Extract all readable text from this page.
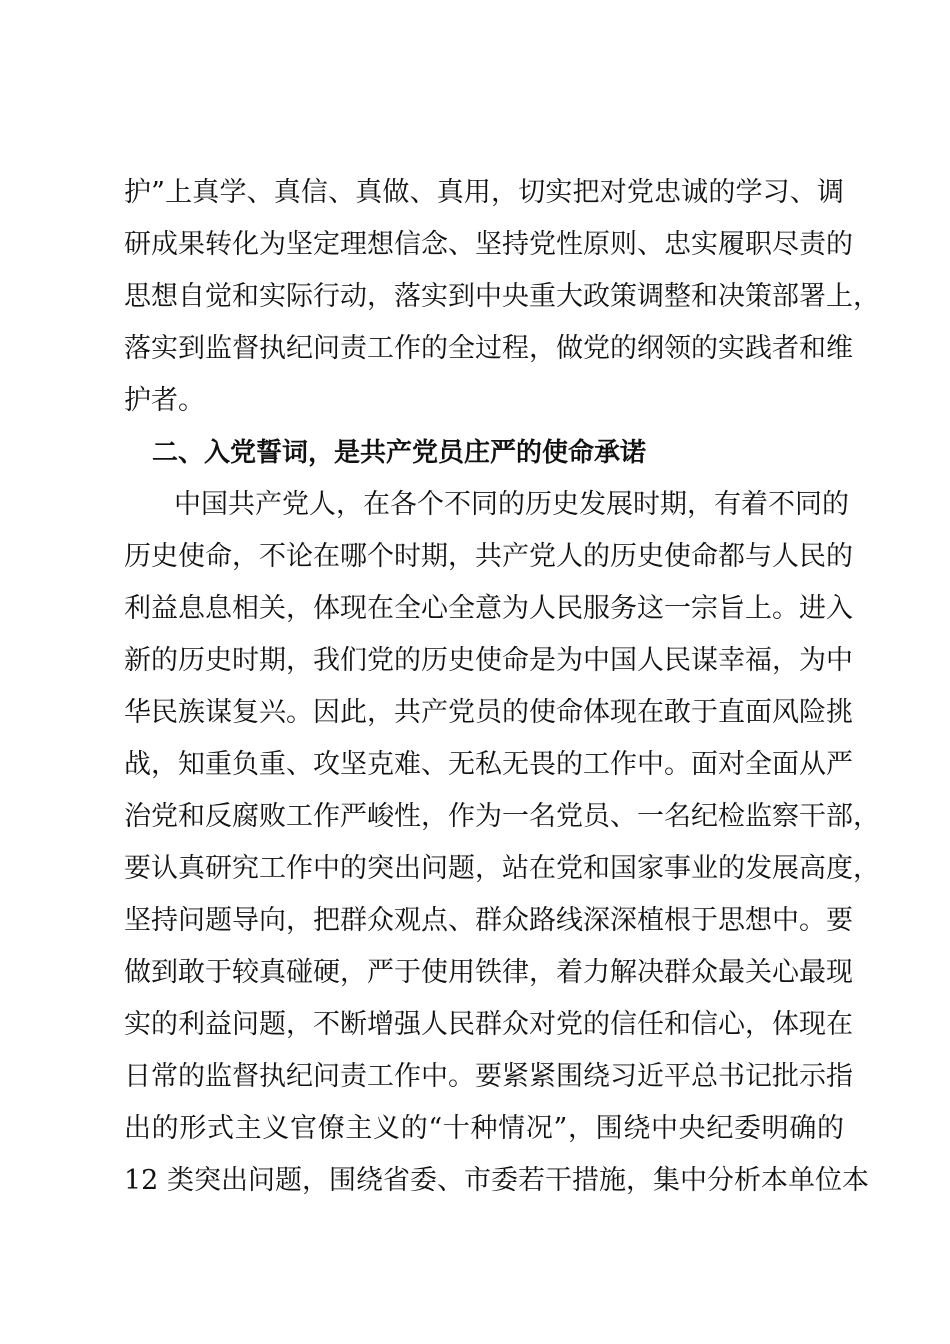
护”上真学、真信、真做、真用，切实把对党忠诚的学习、调
研成果转化为坚定理想信念、坚持党性原则、忠实履职尽责的
思想自觉和实际行动，落实到中央重大政策调整和决策部署上，
落实到监督执纪问责工作的全过程，做党的纲领的实践者和维
护者。
二、入党誓词，是共产党员庄严的使命承诺
中国共产党人，在各个不同的历史发展时期，有着不同的
历史使命，不论在哪个时期，共产党人的历史使命都与人民的
利益息息相关，体现在全心全意为人民服务这一宗旨上。进入
新的历史时期，我们党的历史使命是为中国人民谋幸福，为中
华民族谋复兴。因此，共产党员的使命体现在敢于直面风险挑
战，知重负重、攻坚克难、无私无畏的工作中。面对全面从严
治党和反腐败工作严峻性，作为一名党员、一名纪检监察干部，
要认真研究工作中的突出问题，站在党和国家事业的发展高度，
坚持问题导向，把群众观点、群众路线深深植根于思想中。要
做到敢于较真碰硬，严于使用铁律，着力解决群众最关心最现
实的利益问题，不断增强人民群众对党的信任和信心，体现在
日常的监督执纪问责工作中。要紧紧围绕习近平总书记批示指
出的形式主义官僚主义的“十种情况”，围绕中央纪委明确的
12 类突出问题，围绕省委、市委若干措施，集中分析本单位本
